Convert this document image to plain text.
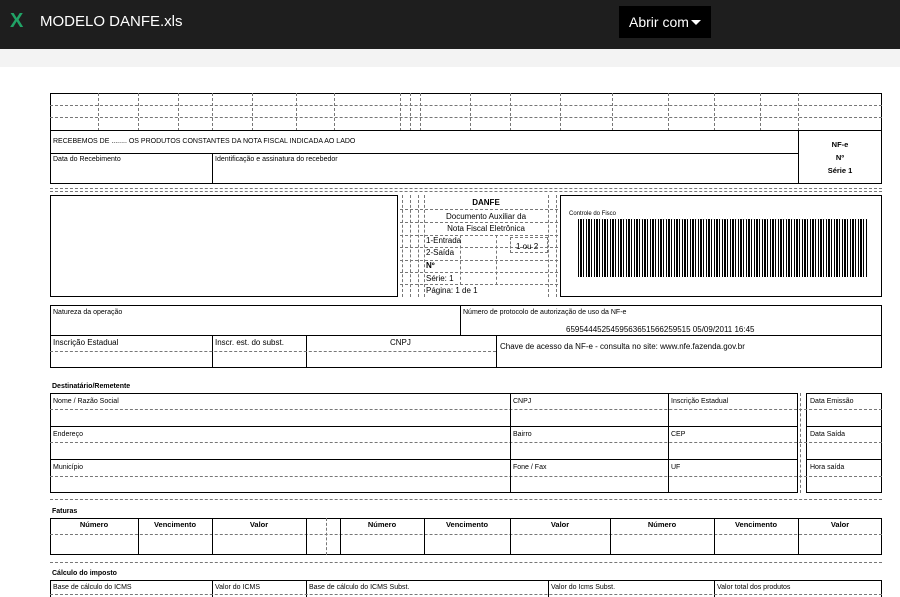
X	MODELO DANFE.xls	Abrir com
RECEBEMOS DE ........ OS PRODUTOS CONSTANTES DA NOTA FISCAL INDICADA AO LADO
Data do Recebimento	Identificação e assinatura do recebedor
NF-e
Nº
Série 1
DANFE
Documento Auxiliar da
Nota Fiscal Eletrônica
1-Entrada
2-Saída
1 ou 2
Nº
Série: 1
Página: 1 de 1
Controle do Fisco
Natureza da operação	Número de protocolo de autorização de uso da NF-e
659544452545956365156625951​5 05/09/2011 16:45
Inscrição Estadual	Inscr. est. do subst.	CNPJ	Chave de acesso da NF-e - consulta no site: www.nfe.fazenda.gov.br
Destinatário/Remetente
Nome / Razão Social	CNPJ	Inscrição Estadual	Data Emissão
Endereço	Bairro	CEP	Data Saída
Município	Fone / Fax	UF	Hora saída
Faturas
Número	Vencimento	Valor	Número	Vencimento	Valor	Número	Vencimento	Valor
Cálculo do imposto
Base de cálculo do ICMS	Valor do ICMS	Base de cálculo do ICMS Subst.	Valor do Icms Subst.	Valor total dos produtos
